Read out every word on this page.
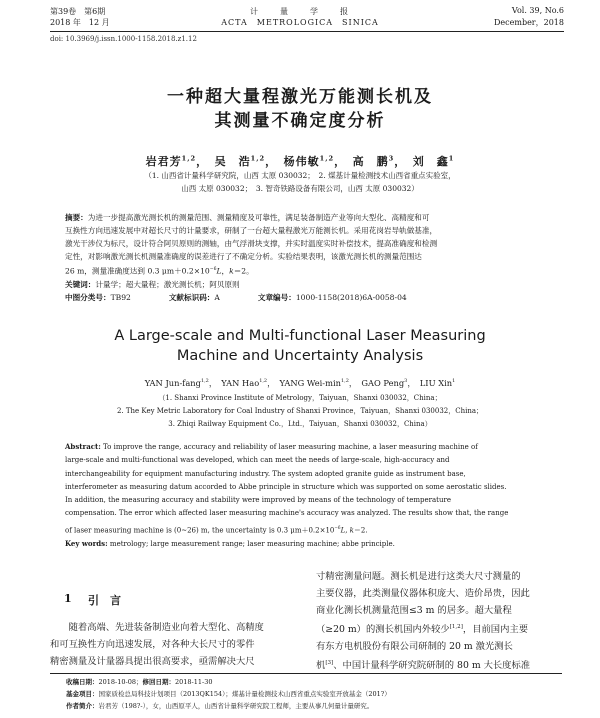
第39卷　第6期
2018 年　12 月
计　　量　　学　　报
ACTA　METROLOGICA　SINICA
Vol. 39, No.6
December，2018
doi: 10.3969/j.issn.1000-1158.2018.z1.12
一种超大量程激光万能测长机及
其测量不确定度分析
岩君芳$^{1,2}$，　吴　浩$^{1,2}$，　杨伟敏$^{1,2}$，　高　鹏$^3$，　刘　鑫$^1$
（1. 山西省计量科学研究院，山西 太原 030032；　2. 煤基计量检测技术山西省重点实验室，
山西 太原 030032；　3. 智奇铁路设备有限公司，山西 太原 030032）
摘要：为进一步提高激光测长机的测量范围、测量精度及可靠性，满足装备制造产业等向大型化、高精度和可
互换性方向迅速发展中对超长尺寸的计量要求，研制了一台超大量程激光万能测长机。采用花岗岩导轨做基准，
激光干涉仪为标尺，设计符合阿贝原则的测轴，由气浮滑块支撑，并实时温度实时补偿技术，提高准确度和检测
定性，对影响激光测长机测量准确度的误差进行了不确定分析。实验结果表明，该激光测长机的测量范围达
26 m，测量准确度达到 0.3 $\mu m+0.2\times 10^{-6}L$，k＝2。
关键词：计量学；超大量程；激光测长机；阿贝原则
中图分类号：TB92　　　　　文献标识码：A　　　　　文章编号：1000-1158(2018)6A-0058-04
A Large-scale and Multi-functional Laser Measuring
Machine and Uncertainty Analysis
YAN Jun-fang$^{1,2}$，　YAN Hao$^{1,2}$，　YANG Wei-$\min^{1,2}$，　GAO Peng$^3$，　LIU Xin$^1$
（1. Shanxi Province Institute of Metrology，Taiyuan，Shanxi 030032，China；
2. The Key Metric Laboratory for Coal Industry of Shanxi Province，Taiyuan，Shanxi 030032，China；
3. Zhiqi Railway Equipment Co.，Ltd.，Taiyuan，Shanxi 030032，China）
Abstract: To improve the range, accuracy and reliability of laser measuring machine, a laser measuring machine of
large-scale and multi-functional was developed, which can meet the needs of large-scale, high-accuracy and
interchangeability for equipment manufacturing industry. The system adopted granite guide as instrument base,
interferometer as measuring datum accorded to Abbe principle in structure which was supported on some aerostatic slides.
In addition, the measuring accuracy and stability were improved by means of the technology of temperature
compensation. The error which affected laser measuring machine's accuracy was analyzed. The results show that, the range
of laser measuring machine is (0~26) m, the uncertainty is 0.3 $\mu m+0.2\times 10^{-6}L$, k＝2.
Key words: metrology; large measurement range; laser measuring machine; abbe principle.
1 引　言
　　随着高端、先进装备制造业向着大型化、高精度
和可互换性方向迅速发展，对各种大长尺寸的零件
精密测量及计量器具提出很高要求，亟需解决大尺
寸精密测量问题。测长机是进行这类大尺寸测量的
主要仪器，此类测量仪器体积庞大、造价昂贵，因此
商业化测长机测量范围≤3 m 的居多。超大量程
（≥20 m）的测长机国内外较少[1,2]，目前国内主要
有东方电机股份有限公司研制的 20 m 激光测长
机[3]、中国计量科学研究院研制的 80 m 大长度标准
收稿日期：2018-10-08；修回日期：2018-11-30
基金项目：国家质检总局科技计划项目（2013QK154）；煤基计量检测技术山西省重点实验室开放基金（201?）
作者简介：岩君芳（198?-），女，山西原平人，山西省计量科学研究院工程师，主要从事几何量计量研究。
